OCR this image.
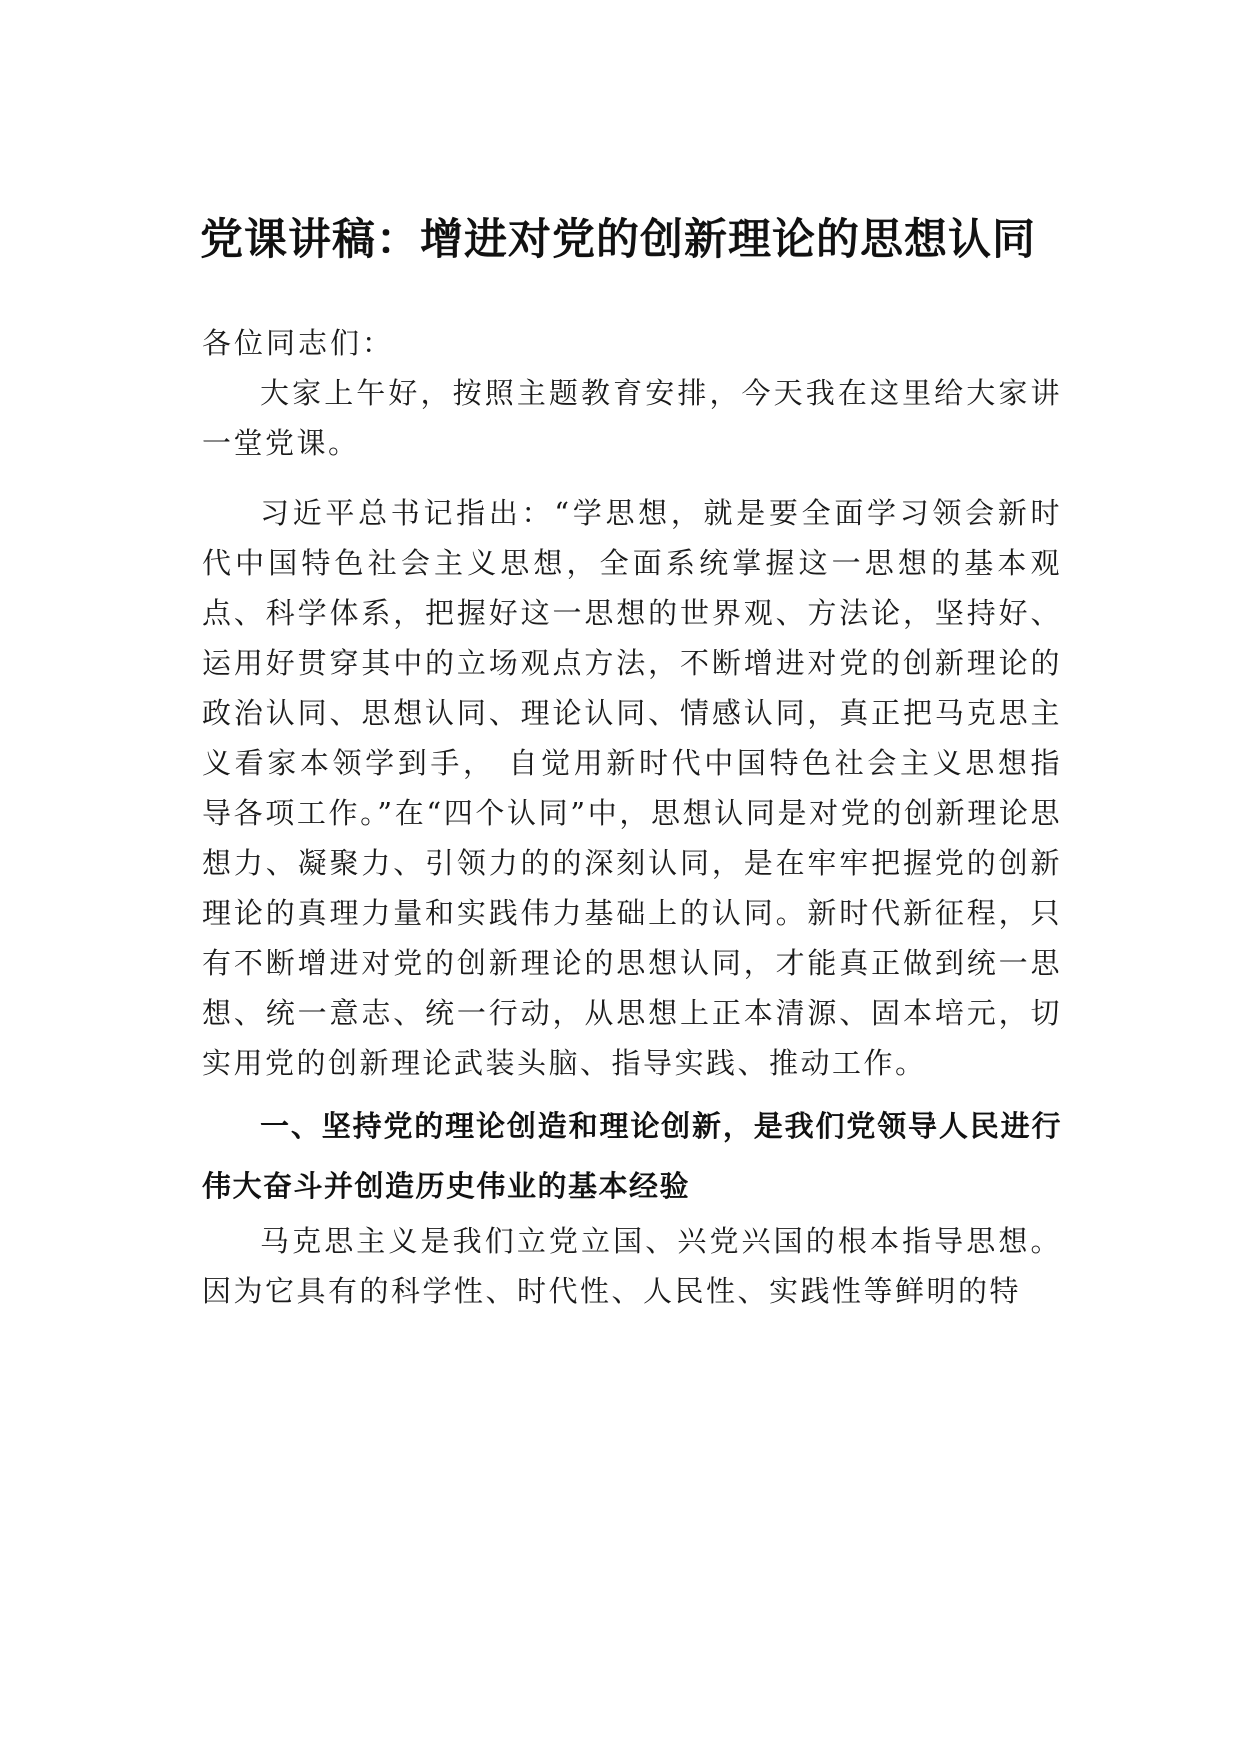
党课讲稿：增进对党的创新理论的思想认同

各位同志们：

大家上午好，按照主题教育安排，今天我在这里给大家讲一堂党课。

习近平总书记指出：“学思想，就是要全面学习领会新时代中国特色社会主义思想，全面系统掌握这一思想的基本观点、科学体系，把握好这一思想的世界观、方法论，坚持好、运用好贯穿其中的立场观点方法，不断增进对党的创新理论的政治认同、思想认同、理论认同、情感认同，真正把马克思主义看家本领学到手， 自觉用新时代中国特色社会主义思想指导各项工作。”在“四个认同”中，思想认同是对党的创新理论思想力、凝聚力、引领力的的深刻认同，是在牢牢把握党的创新理论的真理力量和实践伟力基础上的认同。新时代新征程，只有不断增进对党的创新理论的思想认同，才能真正做到统一思想、统一意志、统一行动，从思想上正本清源、固本培元，切实用党的创新理论武装头脑、指导实践、推动工作。

一、坚持党的理论创造和理论创新，是我们党领导人民进行伟大奋斗并创造历史伟业的基本经验

马克思主义是我们立党立国、兴党兴国的根本指导思想。因为它具有的科学性、时代性、人民性、实践性等鲜明的特
